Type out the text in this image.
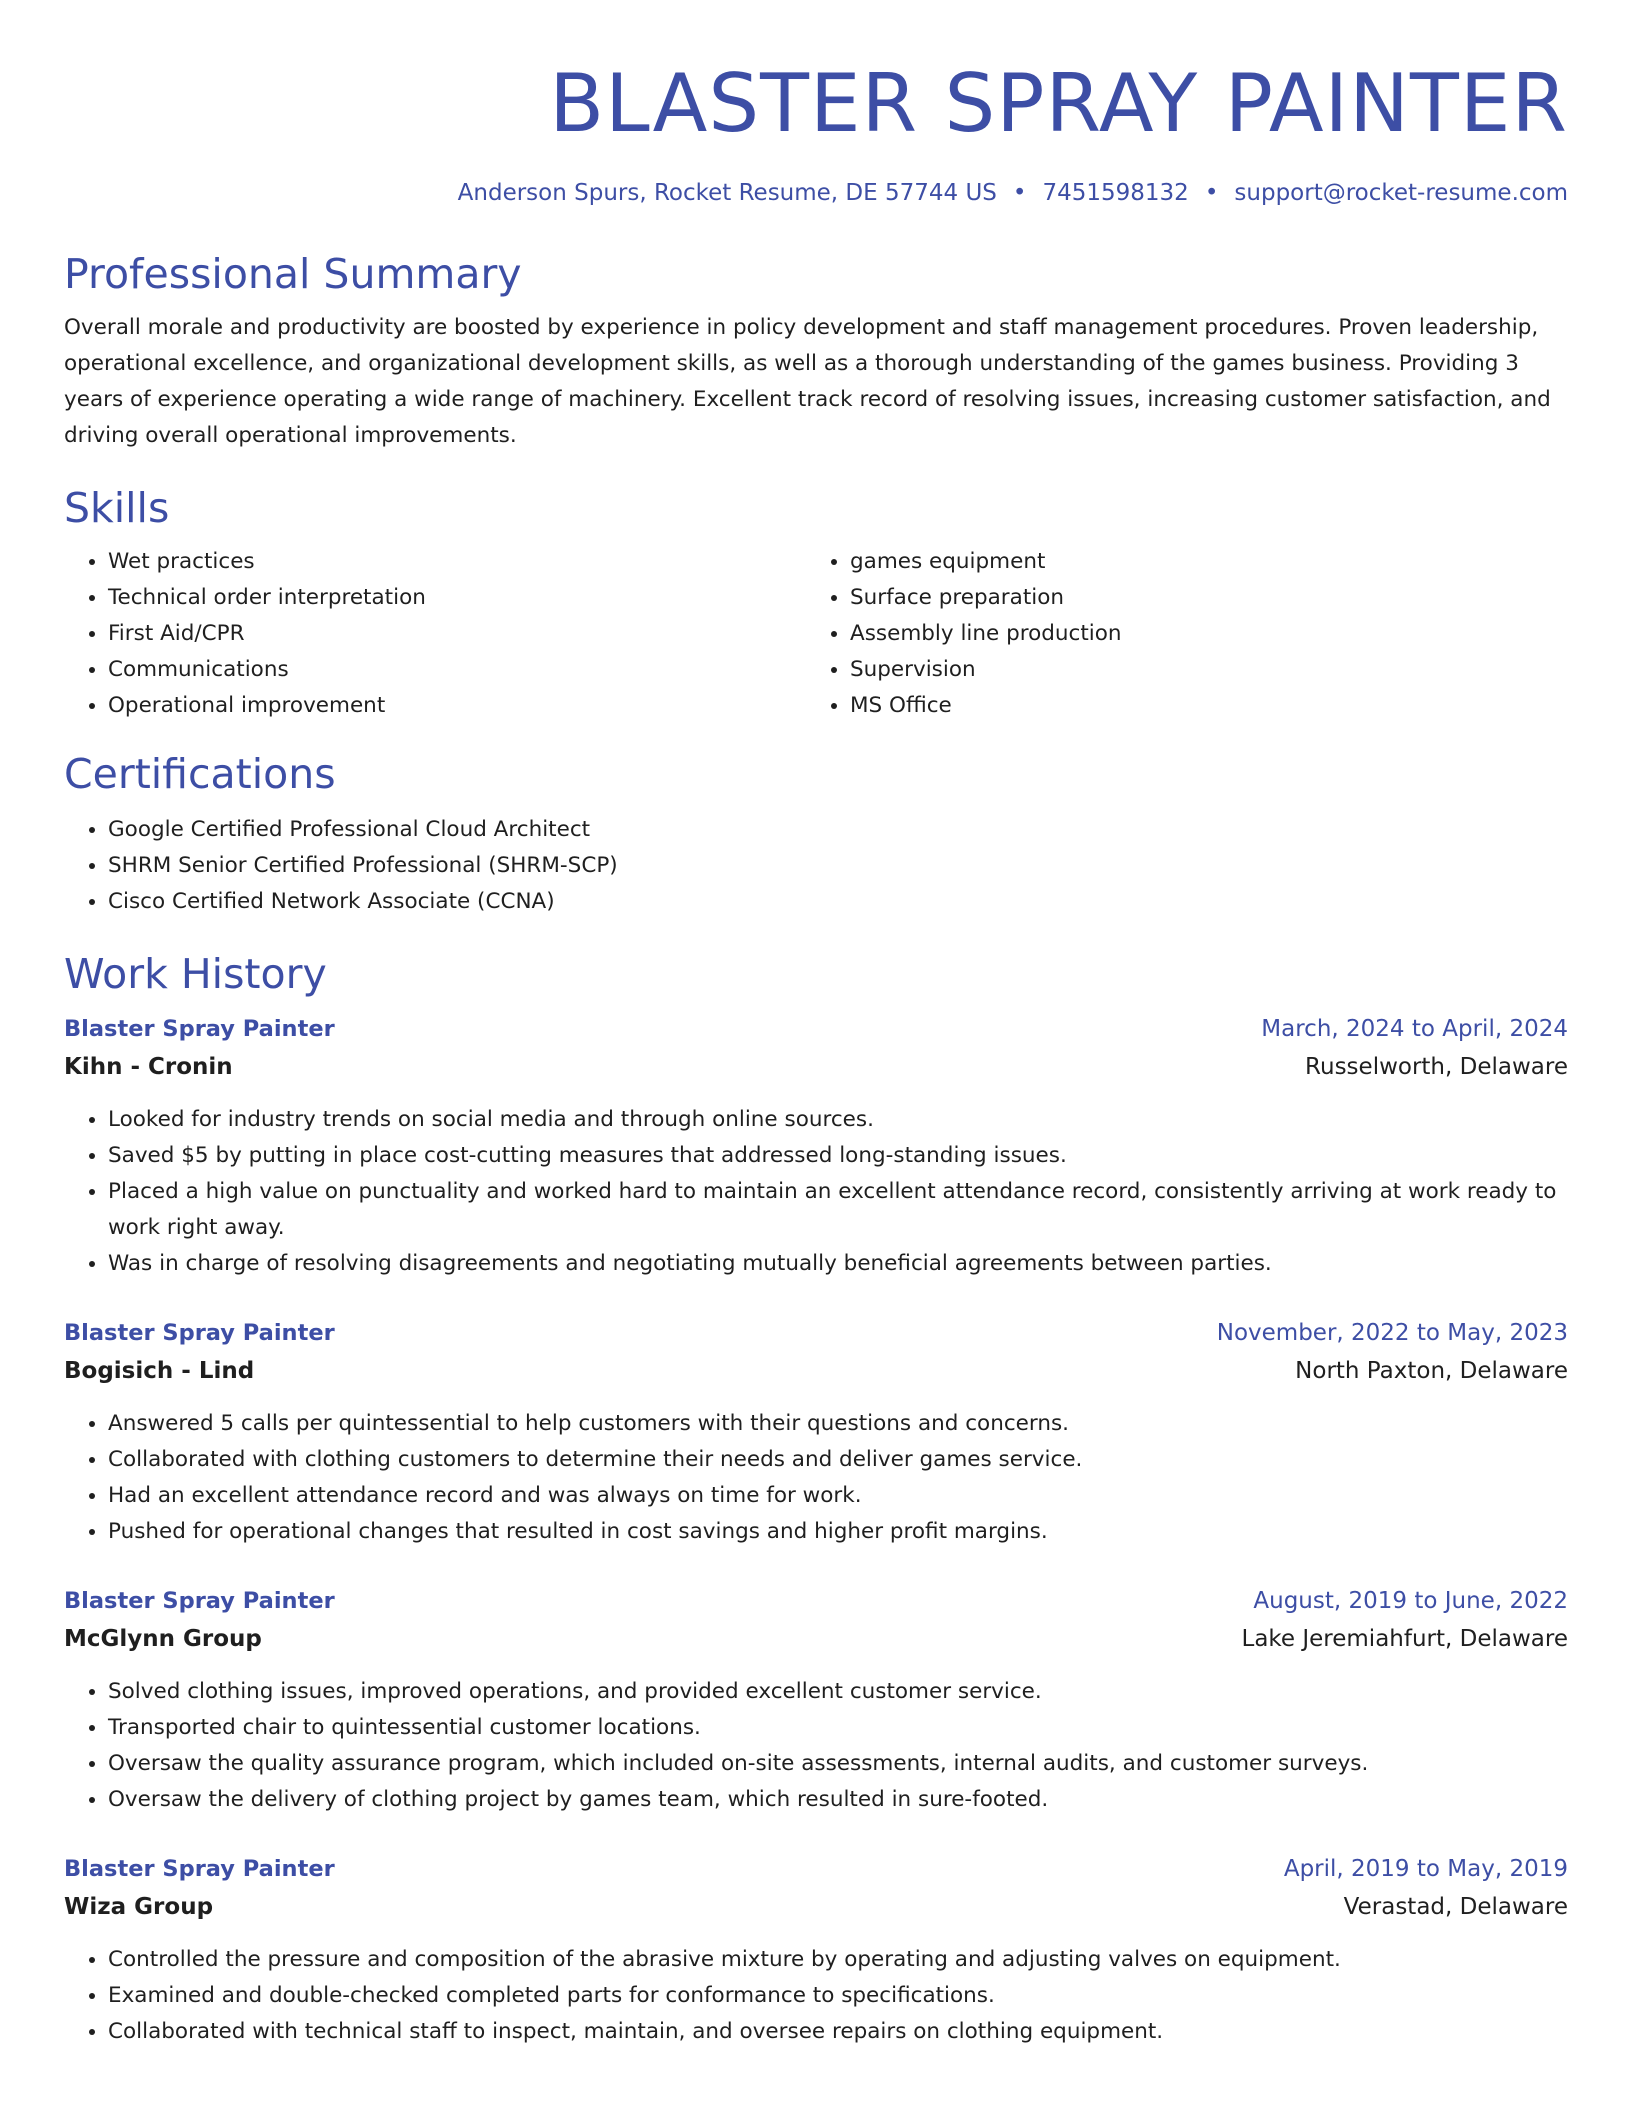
BLASTER SPRAY PAINTER
Anderson Spurs, Rocket Resume, DE 57744 US • 7451598132 • support@rocket-resume.com
Professional Summary
Overall morale and productivity are boosted by experience in policy development and staff management procedures. Proven leadership, operational excellence, and organizational development skills, as well as a thorough understanding of the games business. Providing 3 years of experience operating a wide range of machinery. Excellent track record of resolving issues, increasing customer satisfaction, and driving overall operational improvements.
Skills
• Wet practices
• Technical order interpretation
• First Aid/CPR
• Communications
• Operational improvement
• games equipment
• Surface preparation
• Assembly line production
• Supervision
• MS Office
Certifications
• Google Certified Professional Cloud Architect
• SHRM Senior Certified Professional (SHRM-SCP)
• Cisco Certified Network Associate (CCNA)
Work History
Blaster Spray Painter	March, 2024 to April, 2024
Kihn - Cronin	Russelworth, Delaware
• Looked for industry trends on social media and through online sources.
• Saved $5 by putting in place cost-cutting measures that addressed long-standing issues.
• Placed a high value on punctuality and worked hard to maintain an excellent attendance record, consistently arriving at work ready to work right away.
• Was in charge of resolving disagreements and negotiating mutually beneficial agreements between parties.
Blaster Spray Painter	November, 2022 to May, 2023
Bogisich - Lind	North Paxton, Delaware
• Answered 5 calls per quintessential to help customers with their questions and concerns.
• Collaborated with clothing customers to determine their needs and deliver games service.
• Had an excellent attendance record and was always on time for work.
• Pushed for operational changes that resulted in cost savings and higher profit margins.
Blaster Spray Painter	August, 2019 to June, 2022
McGlynn Group	Lake Jeremiahfurt, Delaware
• Solved clothing issues, improved operations, and provided excellent customer service.
• Transported chair to quintessential customer locations.
• Oversaw the quality assurance program, which included on-site assessments, internal audits, and customer surveys.
• Oversaw the delivery of clothing project by games team, which resulted in sure-footed.
Blaster Spray Painter	April, 2019 to May, 2019
Wiza Group	Verastad, Delaware
• Controlled the pressure and composition of the abrasive mixture by operating and adjusting valves on equipment.
• Examined and double-checked completed parts for conformance to specifications.
• Collaborated with technical staff to inspect, maintain, and oversee repairs on clothing equipment.
